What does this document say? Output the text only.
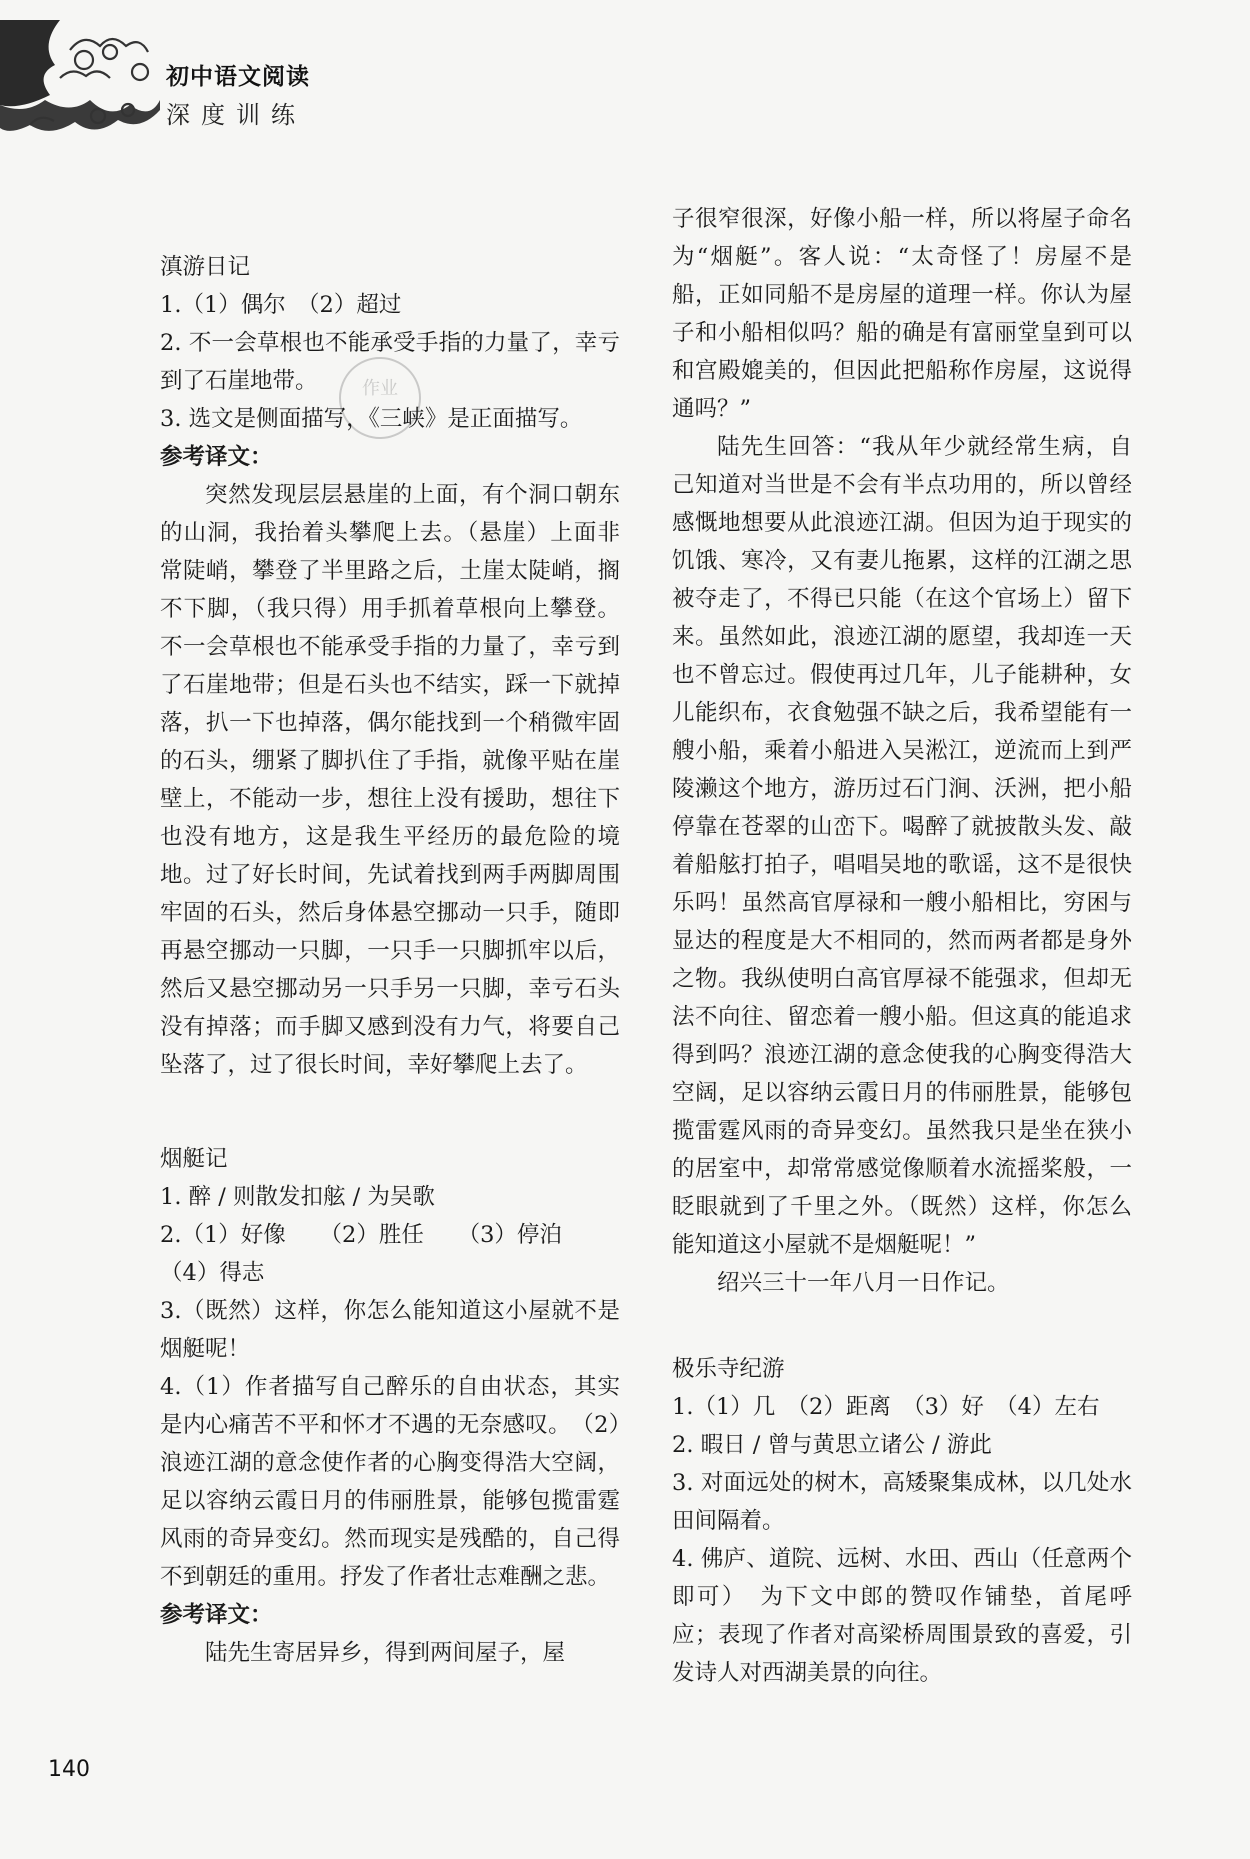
初中语文阅读
深度训练
作业

滇游日记

1.（1）偶尔　（2）超过

2. 不一会草根也不能承受手指的力量了，幸亏到了石崖地带。

3. 选文是侧面描写，《三峡》是正面描写。

参考译文：

突然发现层层悬崖的上面，有个洞口朝东的山洞，我抬着头攀爬上去。（悬崖）上面非常陡峭，攀登了半里路之后，土崖太陡峭，搁不下脚，（我只得）用手抓着草根向上攀登。不一会草根也不能承受手指的力量了，幸亏到了石崖地带；但是石头也不结实，踩一下就掉落，扒一下也掉落，偶尔能找到一个稍微牢固的石头，绷紧了脚扒住了手指，就像平贴在崖壁上，不能动一步，想往上没有援助，想往下也没有地方，这是我生平经历的最危险的境地。过了好长时间，先试着找到两手两脚周围牢固的石头，然后身体悬空挪动一只手，随即再悬空挪动一只脚，一只手一只脚抓牢以后，然后又悬空挪动另一只手另一只脚，幸亏石头没有掉落；而手脚又感到没有力气，将要自己坠落了，过了很长时间，幸好攀爬上去了。

烟艇记

1. 醉 / 则散发扣舷 / 为吴歌

2.（1）好像　　（2）胜任　　（3）停泊

（4）得志

3.（既然）这样，你怎么能知道这小屋就不是烟艇呢！

4.（1）作者描写自己醉乐的自由状态，其实是内心痛苦不平和怀才不遇的无奈感叹。　（2）浪迹江湖的意念使作者的心胸变得浩大空阔，足以容纳云霞日月的伟丽胜景，能够包揽雷霆风雨的奇异变幻。然而现实是残酷的，自己得不到朝廷的重用。抒发了作者壮志难酬之悲。

参考译文：

陆先生寄居异乡，得到两间屋子，屋

子很窄很深，好像小船一样，所以将屋子命名为“烟艇”。客人说：“太奇怪了！房屋不是船，正如同船不是房屋的道理一样。你认为屋子和小船相似吗？船的确是有富丽堂皇到可以和宫殿媲美的，但因此把船称作房屋，这说得通吗？”

陆先生回答：“我从年少就经常生病，自己知道对当世是不会有半点功用的，所以曾经感慨地想要从此浪迹江湖。但因为迫于现实的饥饿、寒冷，又有妻儿拖累，这样的江湖之思被夺走了，不得已只能（在这个官场上）留下来。虽然如此，浪迹江湖的愿望，我却连一天也不曾忘过。假使再过几年，儿子能耕种，女儿能织布，衣食勉强不缺之后，我希望能有一艘小船，乘着小船进入吴淞江，逆流而上到严陵濑这个地方，游历过石门涧、沃洲，把小船停靠在苍翠的山峦下。喝醉了就披散头发、敲着船舷打拍子，唱唱吴地的歌谣，这不是很快乐吗！虽然高官厚禄和一艘小船相比，穷困与显达的程度是大不相同的，然而两者都是身外之物。我纵使明白高官厚禄不能强求，但却无法不向往、留恋着一艘小船。但这真的能追求得到吗？浪迹江湖的意念使我的心胸变得浩大空阔，足以容纳云霞日月的伟丽胜景，能够包揽雷霆风雨的奇异变幻。虽然我只是坐在狭小的居室中，却常常感觉像顺着水流摇桨般，一眨眼就到了千里之外。（既然）这样，你怎么能知道这小屋就不是烟艇呢！”

绍兴三十一年八月一日作记。

极乐寺纪游

1.（1）几　（2）距离　（3）好　（4）左右

2. 暇日 / 曾与黄思立诸公 / 游此

3. 对面远处的树木，高矮聚集成林，以几处水田间隔着。

4. 佛庐、道院、远树、水田、西山（任意两个即可）　为下文中郎的赞叹作铺垫，首尾呼应；表现了作者对高梁桥周围景致的喜爱，引发诗人对西湖美景的向往。

140
